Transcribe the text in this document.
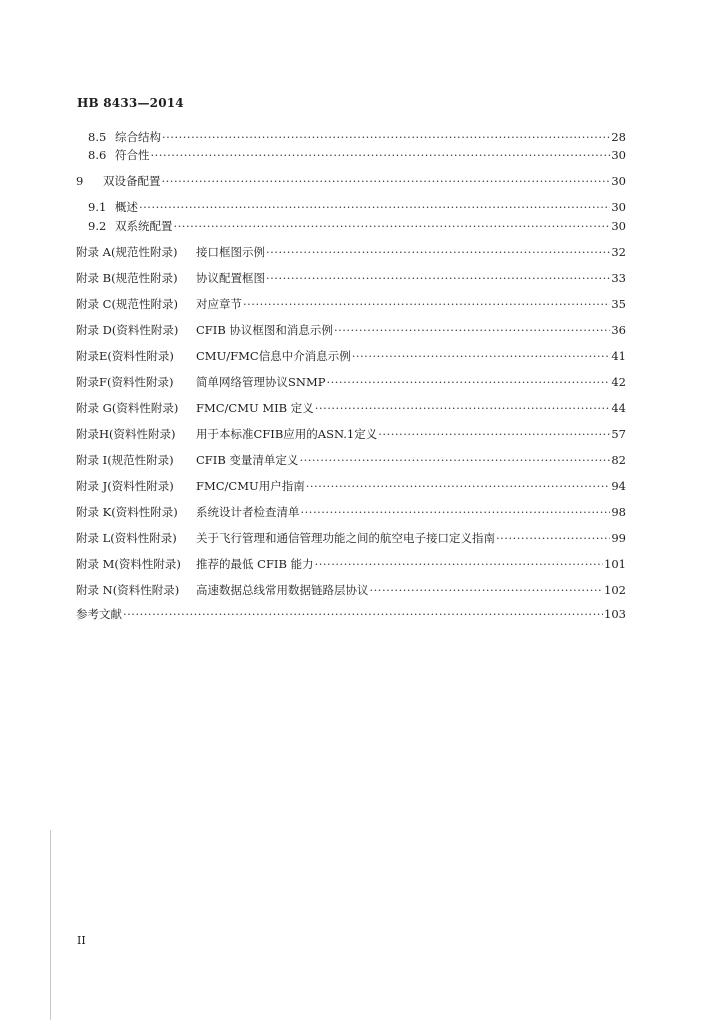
HB 8433—2014
8.5 综合结构 ·····	28
8.6 符合性 ·····	30
9	双设备配置 ·····	30
9.1 概述 ·····	30
9.2 双系统配置 ·····	30
附录 A(规范性附录)	接口框图示例 ·····	32
附录 B(规范性附录)	协议配置框图 ·····	33
附录 C(规范性附录)	对应章节 ·····	35
附录 D(资料性附录)	CFIB 协议框图和消息示例 ·····	36
附录E(资料性附录)	CMU/FMC信息中介消息示例 ·····	41
附录F(资料性附录)	简单网络管理协议SNMP ·····	42
附录 G(资料性附录)	FMC/CMU MIB 定义 ·····	44
附录H(资料性附录)	用于本标准CFIB应用的ASN.1定义 ·····	57
附录 I(规范性附录)	CFIB 变量清单定义 ·····	82
附录 J(资料性附录)	FMC/CMU用户指南 ·····	94
附录 K(资料性附录)	系统设计者检查清单 ·····	98
附录 L(资料性附录)	关于飞行管理和通信管理功能之间的航空电子接口定义指南 ·····	99
附录 M(资料性附录)	推荐的最低 CFIB 能力 ·····	101
附录 N(资料性附录)	高速数据总线常用数据链路层协议 ·····	102
参考文献 ·····	103
II
